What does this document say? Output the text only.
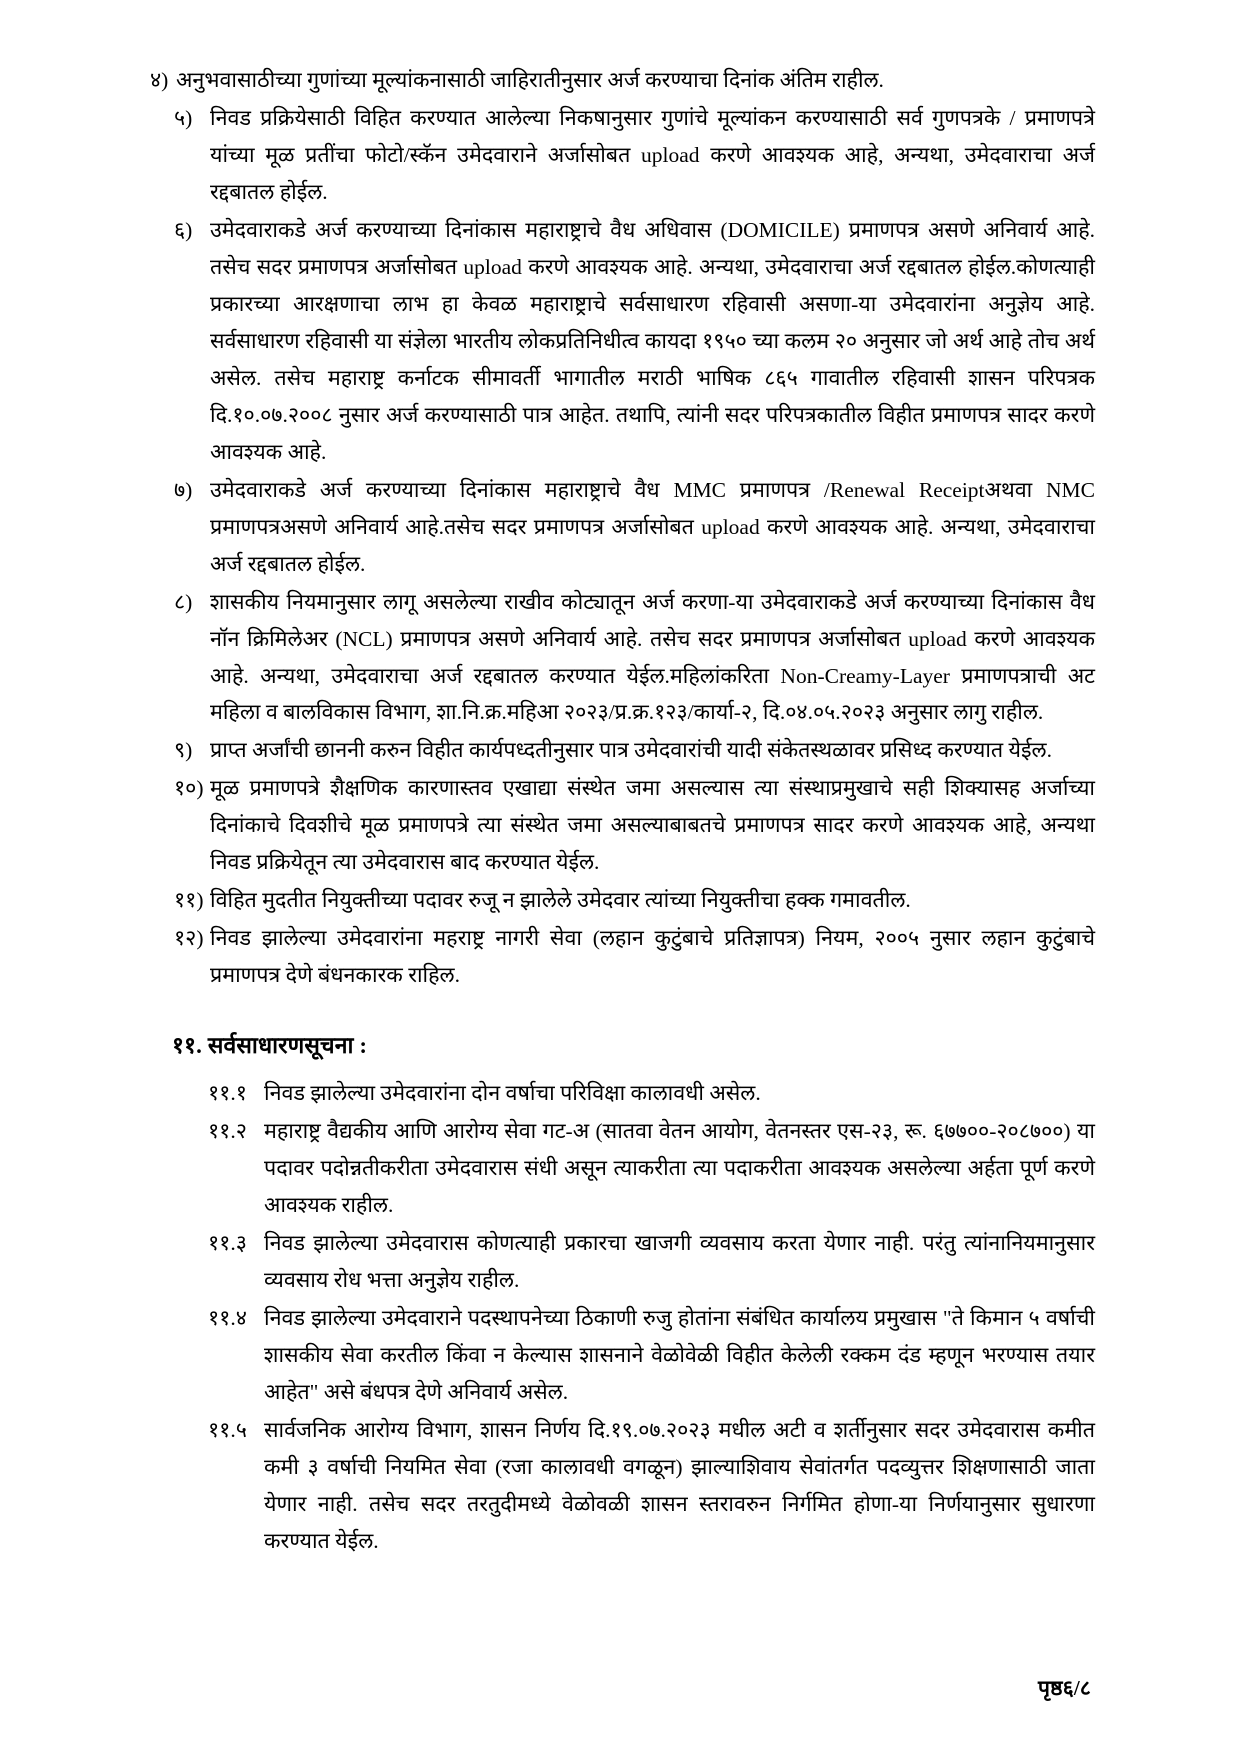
४) अनुभवासाठीच्या गुणांच्या मूल्यांकनासाठी जाहिरातीनुसार अर्ज करण्याचा दिनांक अंतिम राहील.
५) निवड प्रक्रियेसाठी विहित करण्यात आलेल्या निकषानुसार गुणांचे मूल्यांकन करण्यासाठी सर्व गुणपत्रके / प्रमाणपत्रे यांच्या मूळ प्रतींचा फोटो/स्कॅन उमेदवाराने अर्जासोबत upload करणे आवश्यक आहे, अन्यथा, उमेदवाराचा अर्ज रद्दबातल होईल.
६) उमेदवाराकडे अर्ज करण्याच्या दिनांकास महाराष्ट्राचे वैध अधिवास (DOMICILE) प्रमाणपत्र असणे अनिवार्य आहे. तसेच सदर प्रमाणपत्र अर्जासोबत upload करणे आवश्यक आहे. अन्यथा, उमेदवाराचा अर्ज रद्दबातल होईल.कोणत्याही प्रकारच्या आरक्षणाचा लाभ हा केवळ महाराष्ट्राचे सर्वसाधारण रहिवासी असणा-या उमेदवारांना अनुज्ञेय आहे. सर्वसाधारण रहिवासी या संज्ञेला भारतीय लोकप्रतिनिधीत्व कायदा १९५० च्या कलम २० अनुसार जो अर्थ आहे तोच अर्थ असेल. तसेच महाराष्ट्र कर्नाटक सीमावर्ती भागातील मराठी भाषिक ८६५ गावातील रहिवासी शासन परिपत्रक दि.१०.०७.२००८ नुसार अर्ज करण्यासाठी पात्र आहेत. तथापि, त्यांनी सदर परिपत्रकातील विहीत प्रमाणपत्र सादर करणे आवश्यक आहे.
७) उमेदवाराकडे अर्ज करण्याच्या दिनांकास महाराष्ट्राचे वैध MMC प्रमाणपत्र /Renewal Receiptअथवा NMC प्रमाणपत्रअसणे अनिवार्य आहे.तसेच सदर प्रमाणपत्र अर्जासोबत upload करणे आवश्यक आहे. अन्यथा, उमेदवाराचा अर्ज रद्दबातल होईल.
८) शासकीय नियमानुसार लागू असलेल्या राखीव कोट्यातून अर्ज करणा-या उमेदवाराकडे अर्ज करण्याच्या दिनांकास वैध नॉन क्रिमिलेअर (NCL) प्रमाणपत्र असणे अनिवार्य आहे. तसेच सदर प्रमाणपत्र अर्जासोबत upload करणे आवश्यक आहे. अन्यथा, उमेदवाराचा अर्ज रद्दबातल करण्यात येईल.महिलांकरिता Non-Creamy-Layer प्रमाणपत्राची अट महिला व बालविकास विभाग, शा.नि.क्र.महिआ २०२३/प्र.क्र.१२३/कार्या-२, दि.०४.०५.२०२३ अनुसार लागु राहील.
९) प्राप्त अर्जांची छाननी करुन विहीत कार्यपध्दतीनुसार पात्र उमेदवारांची यादी संकेतस्थळावर प्रसिध्द करण्यात येईल.
१०) मूळ प्रमाणपत्रे शैक्षणिक कारणास्तव एखाद्या संस्थेत जमा असल्यास त्या संस्थाप्रमुखाचे सही शिक्यासह अर्जाच्या दिनांकाचे दिवशीचे मूळ प्रमाणपत्रे त्या संस्थेत जमा असल्याबाबतचे प्रमाणपत्र सादर करणे आवश्यक आहे, अन्यथा निवड प्रक्रियेतून त्या उमेदवारास बाद करण्यात येईल.
११) विहित मुदतीत नियुक्तीच्या पदावर रुजू न झालेले उमेदवार त्यांच्या नियुक्तीचा हक्क गमावतील.
१२) निवड झालेल्या उमेदवारांना महराष्ट्र नागरी सेवा (लहान कुटुंबाचे प्रतिज्ञापत्र) नियम, २००५ नुसार लहान कुटुंबाचे प्रमाणपत्र देणे बंधनकारक राहिल.
११. सर्वसाधारणसूचना :
११.१ निवड झालेल्या उमेदवारांना दोन वर्षाचा परिविक्षा कालावधी असेल.
११.२ महाराष्ट्र वैद्यकीय आणि आरोग्य सेवा गट-अ (सातवा वेतन आयोग, वेतनस्तर एस-२३, रू. ६७७००-२०८७००) या पदावर पदोन्नतीकरीता उमेदवारास संधी असून त्याकरीता त्या पदाकरीता आवश्यक असलेल्या अर्हता पूर्ण करणे आवश्यक राहील.
११.३ निवड झालेल्या उमेदवारास कोणत्याही प्रकारचा खाजगी व्यवसाय करता येणार नाही. परंतु त्यांनानियमानुसार व्यवसाय रोध भत्ता अनुज्ञेय राहील.
११.४ निवड झालेल्या उमेदवाराने पदस्थापनेच्या ठिकाणी रुजु होतांना संबंधित कार्यालय प्रमुखास "ते किमान ५ वर्षाची शासकीय सेवा करतील किंवा न केल्यास शासनाने वेळोवेळी विहीत केलेली रक्कम दंड म्हणून भरण्यास तयार आहेत" असे बंधपत्र देणे अनिवार्य असेल.
११.५ सार्वजनिक आरोग्य विभाग, शासन निर्णय दि.१९.०७.२०२३ मधील अटी व शर्तीनुसार सदर उमेदवारास कमीत कमी ३ वर्षाची नियमित सेवा (रजा कालावधी वगळून) झाल्याशिवाय सेवांतर्गत पदव्युत्तर शिक्षणासाठी जाता येणार नाही. तसेच सदर तरतुदीमध्ये वेळोवळी शासन स्तरावरुन निर्गमित होणा-या निर्णयानुसार सुधारणा करण्यात येईल.
पृष्ठ६/८
